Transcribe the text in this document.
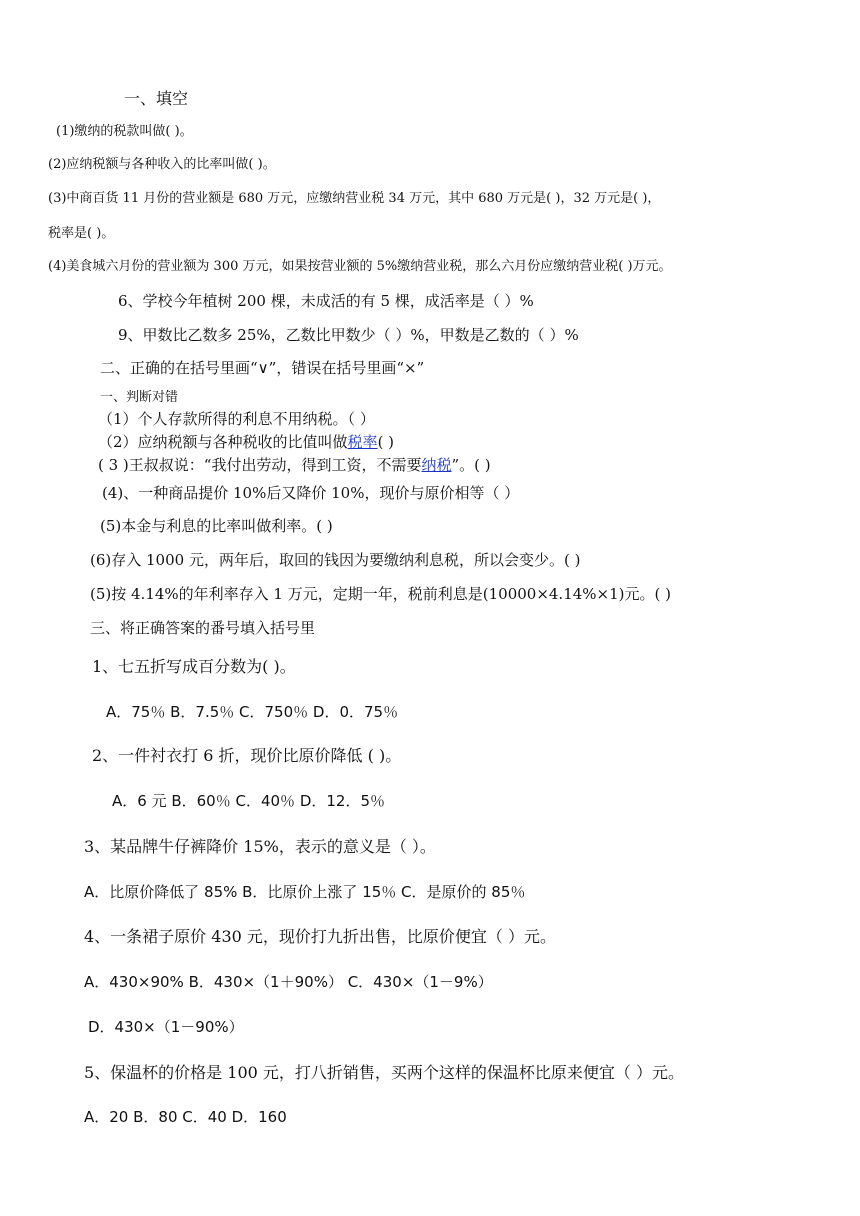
一、填空
(1)缴纳的税款叫做( )。
(2)应纳税额与各种收入的比率叫做( )。
(3)中商百货 11 月份的营业额是 680 万元，应缴纳营业税 34 万元，其中 680 万元是( )，32 万元是( )，
税率是( )。
(4)美食城六月份的营业额为 300 万元，如果按营业额的 5%缴纳营业税，那么六月份应缴纳营业税( )万元。
6、学校今年植树 200 棵，未成活的有 5 棵，成活率是（ ）%
9、甲数比乙数多 25%，乙数比甲数少（ ）%，甲数是乙数的（ ）%
二、正确的在括号里画“∨”，错误在括号里画“×”
一、判断对错
（1）个人存款所得的利息不用纳税。（ ）
（2）应纳税额与各种税收的比值叫做税率( )
( 3 )王叔叔说：“我付出劳动，得到工资，不需要纳税”。( )
(4)、一种商品提价 10%后又降价 10%，现价与原价相等（ ）
(5)本金与利息的比率叫做利率。( )
(6)存入 1000 元，两年后，取回的钱因为要缴纳利息税，所以会变少。( )
(5)按 4.14%的年利率存入 1 万元，定期一年，税前利息是(10000×4.14%×1)元。( )
三、将正确答案的番号填入括号里
1、七五折写成百分数为( )。
A．75％ B．7.5％ C．750％ D．0．75％
2、一件衬衣打 6 折，现价比原价降低 ( )。
A．6 元 B．60％ C．40％ D．12．5％
3、某品牌牛仔裤降价 15%，表示的意义是（ ）。
A．比原价降低了 85% B．比原价上涨了 15％ C．是原价的 85％
4、一条裙子原价 430 元，现价打九折出售，比原价便宜（ ）元。
A．430×90% B．430×（1＋90%） C．430×（1－9%）
D．430×（1－90%）
5、保温杯的价格是 100 元，打八折销售，买两个这样的保温杯比原来便宜（ ）元。
A．20 B．80 C．40 D．160
